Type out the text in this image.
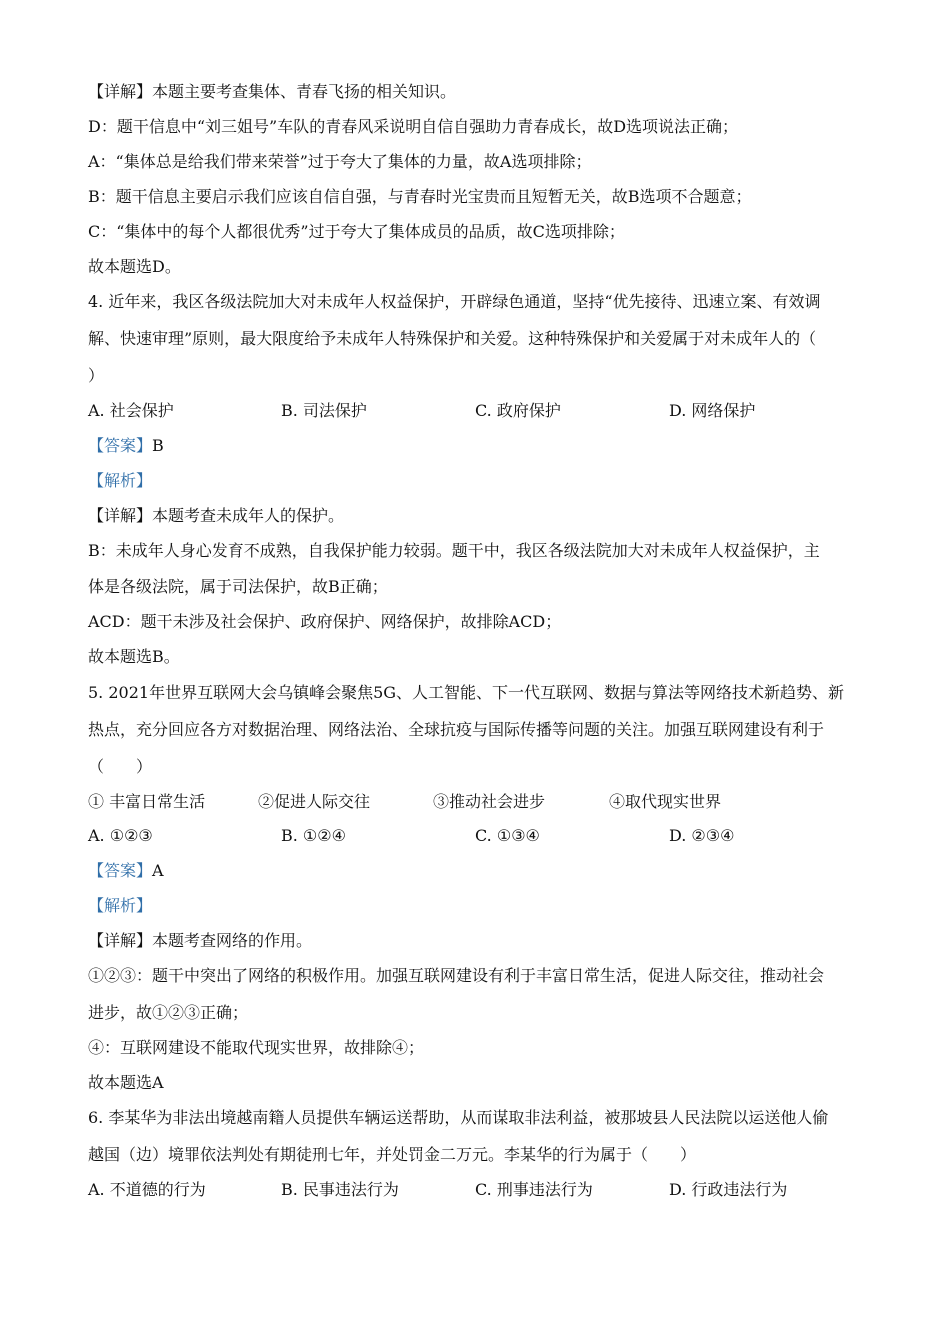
【详解】本题主要考查集体、青春飞扬的相关知识。
D：题干信息中“刘三姐号”车队的青春风采说明自信自强助力青春成长，故D选项说法正确；
A：“集体总是给我们带来荣誉”过于夸大了集体的力量，故A选项排除；
B：题干信息主要启示我们应该自信自强，与青春时光宝贵而且短暂无关，故B选项不合题意；
C：“集体中的每个人都很优秀”过于夸大了集体成员的品质，故C选项排除；
故本题选D。
4. 近年来，我区各级法院加大对未成年人权益保护，开辟绿色通道，坚持“优先接待、迅速立案、有效调
解、快速审理”原则，最大限度给予未成年人特殊保护和关爱。这种特殊保护和关爱属于对未成年人的（
）
A. 社会保护	B. 司法保护	C. 政府保护	D. 网络保护
【答案】B
【解析】
【详解】本题考查未成年人的保护。
B：未成年人身心发育不成熟，自我保护能力较弱。题干中，我区各级法院加大对未成年人权益保护，主
体是各级法院，属于司法保护，故B正确；
ACD：题干未涉及社会保护、政府保护、网络保护，故排除ACD；
故本题选B。
5. 2021年世界互联网大会乌镇峰会聚焦5G、人工智能、下一代互联网、数据与算法等网络技术新趋势、新
热点，充分回应各方对数据治理、网络法治、全球抗疫与国际传播等问题的关注。加强互联网建设有利于
（　　）
① 丰富日常生活	②促进人际交往	③推动社会进步	④取代现实世界
A. ①②③	B. ①②④	C. ①③④	D. ②③④
【答案】A
【解析】
【详解】本题考查网络的作用。
①②③：题干中突出了网络的积极作用。加强互联网建设有利于丰富日常生活，促进人际交往，推动社会
进步，故①②③正确；
④：互联网建设不能取代现实世界，故排除④；
故本题选A
6. 李某华为非法出境越南籍人员提供车辆运送帮助，从而谋取非法利益，被那坡县人民法院以运送他人偷
越国（边）境罪依法判处有期徒刑七年，并处罚金二万元。李某华的行为属于（　　）
A. 不道德的行为	B. 民事违法行为	C. 刑事违法行为	D. 行政违法行为
